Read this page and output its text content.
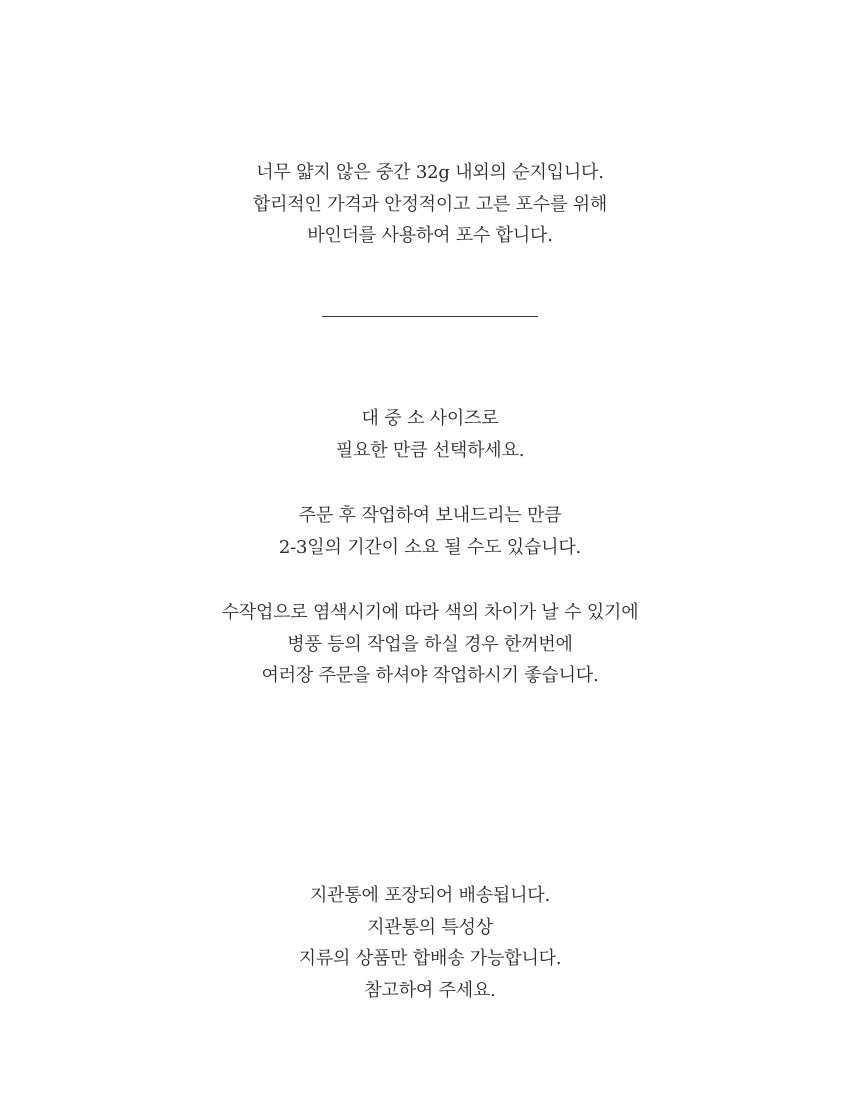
너무 얇지 않은 중간 32g 내외의 순지입니다.

합리적인 가격과 안정적이고 고른 포수를 위해

바인더를 사용하여 포수 합니다.

대 중 소 사이즈로

필요한 만큼 선택하세요.

주문 후 작업하여 보내드리는 만큼

2-3일의 기간이 소요 될 수도 있습니다.

수작업으로 염색시기에 따라 색의 차이가 날 수 있기에

병풍 등의 작업을 하실 경우 한꺼번에

여러장 주문을 하셔야 작업하시기 좋습니다.

지관통에 포장되어 배송됩니다.

지관통의 특성상

지류의 상품만 합배송 가능합니다.

참고하여 주세요.
